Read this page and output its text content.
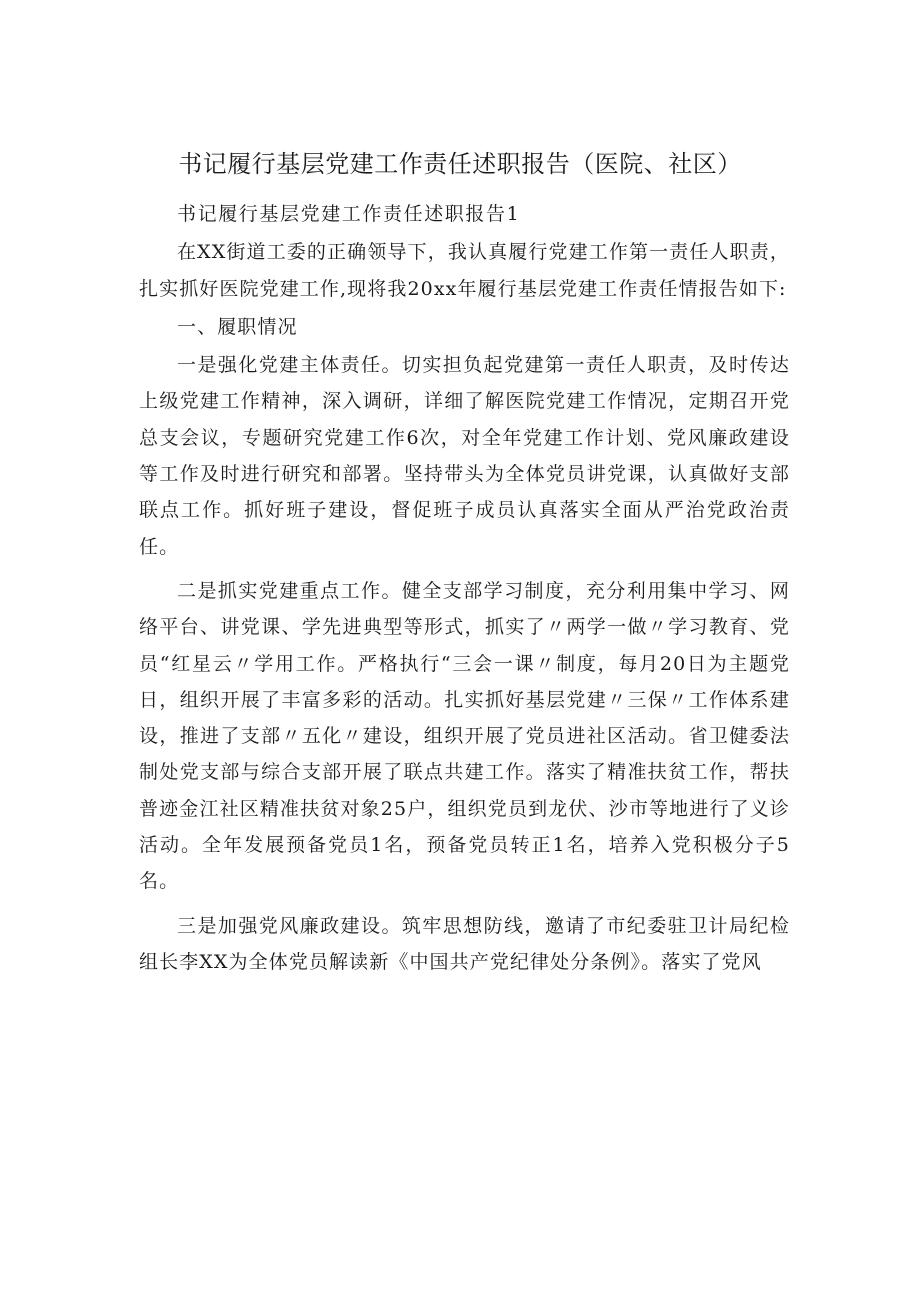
书记履行基层党建工作责任述职报告（医院、社区）

书记履行基层党建工作责任述职报告1

在XX街道工委的正确领导下，我认真履行党建工作第一责任人职责，扎实抓好医院党建工作,现将我20xx年履行基层党建工作责任情报告如下:

一、履职情况

一是强化党建主体责任。切实担负起党建第一责任人职责，及时传达上级党建工作精神，深入调研，详细了解医院党建工作情况，定期召开党总支会议，专题研究党建工作6次，对全年党建工作计划、党风廉政建设等工作及时进行研究和部署。坚持带头为全体党员讲党课，认真做好支部联点工作。抓好班子建设，督促班子成员认真落实全面从严治党政治责任。

二是抓实党建重点工作。健全支部学习制度，充分利用集中学习、网络平台、讲党课、学先进典型等形式，抓实了〃两学一做〃学习教育、党员“红星云〃学用工作。严格执行“三会一课〃制度，每月20日为主题党日，组织开展了丰富多彩的活动。扎实抓好基层党建〃三保〃工作体系建设，推进了支部〃五化〃建设，组织开展了党员进社区活动。省卫健委法制处党支部与综合支部开展了联点共建工作。落实了精准扶贫工作，帮扶普迹金江社区精准扶贫对象25户，组织党员到龙伏、沙市等地进行了义诊活动。全年发展预备党员1名，预备党员转正1名，培养入党积极分子5名。

三是加强党风廉政建设。筑牢思想防线，邀请了市纪委驻卫计局纪检组长李XX为全体党员解读新《中国共产党纪律处分条例》。落实了党风
